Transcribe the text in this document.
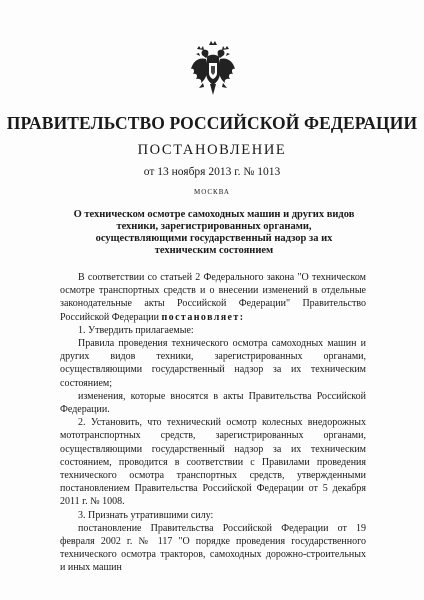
ПРАВИТЕЛЬСТВО РОССИЙСКОЙ ФЕДЕРАЦИИ
ПОСТАНОВЛЕНИЕ
от 13 ноября 2013 г. № 1013
МОСКВА
О техническом осмотре самоходных машин и других видов техники, зарегистрированных органами, осуществляющими государственный надзор за их техническим состоянием

В соответствии со статьей 2 Федерального закона "О техническом осмотре транспортных средств и о внесении изменений в отдельные законодательные акты Российской Федерации" Правительство Российской Федерации постановляет:

1. Утвердить прилагаемые:

Правила проведения технического осмотра самоходных машин и других видов техники, зарегистрированных органами, осуществляющими государственный надзор за их техническим состоянием;

изменения, которые вносятся в акты Правительства Российской Федерации.

2. Установить, что технический осмотр колесных внедорожных мототранспортных средств, зарегистрированных органами, осуществляющими государственный надзор за их техническим состоянием, проводится в соответствии с Правилами проведения технического осмотра транспортных средств, утвержденными постановлением Правительства Российской Федерации от 5 декабря 2011 г. № 1008.

3. Признать утратившими силу:

постановление Правительства Российской Федерации от 19 февраля 2002 г. № 117 "О порядке проведения государственного технического осмотра тракторов, самоходных дорожно-строительных и иных машин
